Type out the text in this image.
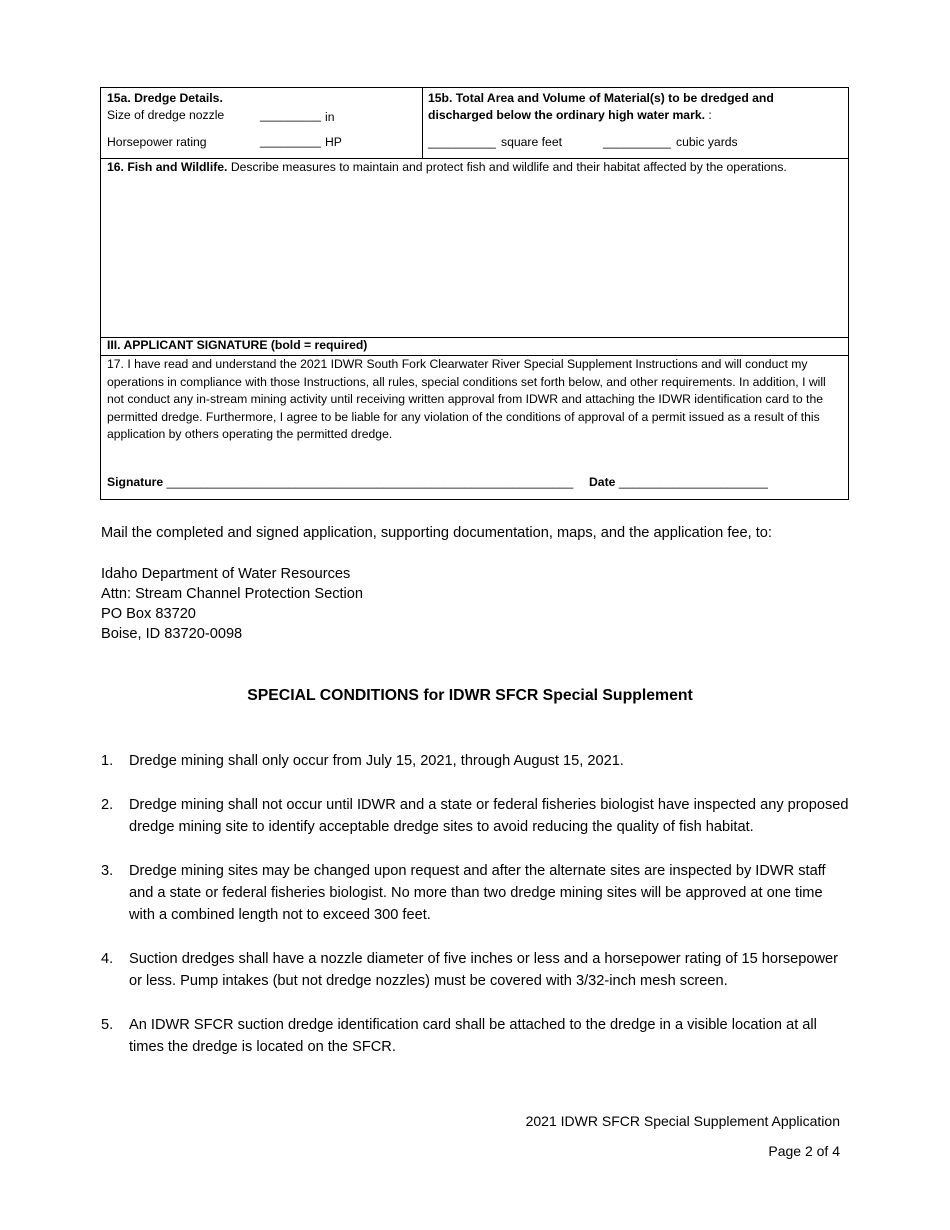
15a. Dredge Details.
Size of dredge nozzle	_________ in
Horsepower rating	_________ HP
15b. Total Area and Volume of Material(s) to be dredged and
discharged below the ordinary high water mark. :
__________ square feet	__________ cubic yards
16. Fish and Wildlife. Describe measures to maintain and protect fish and wildlife and their habitat affected by the operations.
III. APPLICANT SIGNATURE (bold = required)
17. I have read and understand the 2021 IDWR South Fork Clearwater River Special Supplement Instructions and will conduct my operations in compliance with those Instructions, all rules, special conditions set forth below, and other requirements. In addition, I will not conduct any in-stream mining activity until receiving written approval from IDWR and attaching the IDWR identification card to the permitted dredge. Furthermore, I agree to be liable for any violation of the conditions of approval of a permit issued as a result of this application by others operating the permitted dredge.
Signature ____________________________________________________________ Date ______________________
Mail the completed and signed application, supporting documentation, maps, and the application fee, to:
Idaho Department of Water Resources
Attn: Stream Channel Protection Section
PO Box 83720
Boise, ID 83720-0098
SPECIAL CONDITIONS for IDWR SFCR Special Supplement
1. Dredge mining shall only occur from July 15, 2021, through August 15, 2021.
2. Dredge mining shall not occur until IDWR and a state or federal fisheries biologist have inspected any proposed dredge mining site to identify acceptable dredge sites to avoid reducing the quality of fish habitat.
3. Dredge mining sites may be changed upon request and after the alternate sites are inspected by IDWR staff and a state or federal fisheries biologist. No more than two dredge mining sites will be approved at one time with a combined length not to exceed 300 feet.
4. Suction dredges shall have a nozzle diameter of five inches or less and a horsepower rating of 15 horsepower or less. Pump intakes (but not dredge nozzles) must be covered with 3/32-inch mesh screen.
5. An IDWR SFCR suction dredge identification card shall be attached to the dredge in a visible location at all times the dredge is located on the SFCR.
2021 IDWR SFCR Special Supplement Application
Page 2 of 4
